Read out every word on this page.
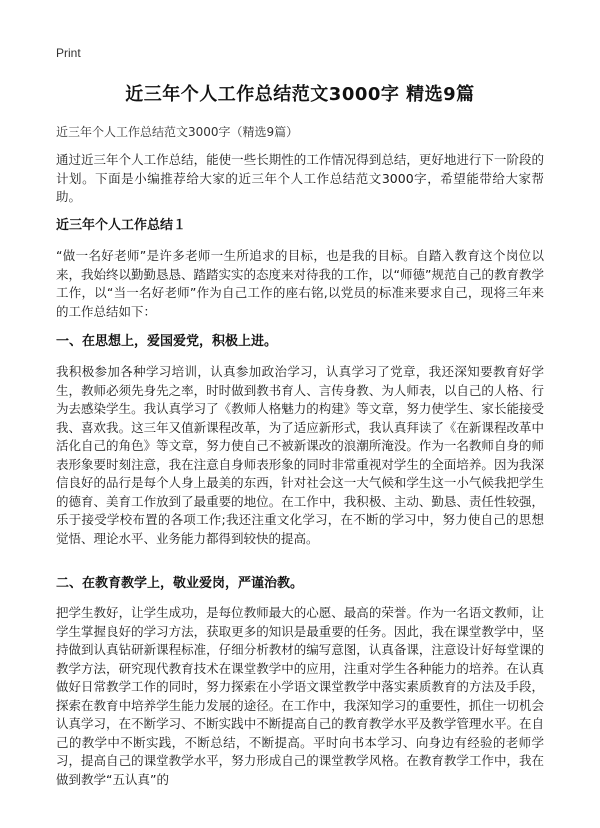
Print
近三年个人工作总结范文3000字 精选9篇
近三年个人工作总结范文3000字（精选9篇）

通过近三年个人工作总结，能使一些长期性的工作情况得到总结，更好地进行下一阶段的计划。下面是小编推荐给大家的近三年个人工作总结范文3000字，希望能带给大家帮助。

近三年个人工作总结１

“做一名好老师”是许多老师一生所追求的目标，也是我的目标。自踏入教育这个岗位以来，我始终以勤勤恳恳、踏踏实实的态度来对待我的工作，以“师德”规范自己的教育教学工作，以“当一名好老师”作为自己工作的座右铭,以党员的标准来要求自己，现将三年来的工作总结如下：

一、在思想上，爱国爱党，积极上进。

我积极参加各种学习培训，认真参加政治学习，认真学习了党章，我还深知要教育好学生，教师必须先身先之率，时时做到教书育人、言传身教、为人师表，以自己的人格、行为去感染学生。我认真学习了《教师人格魅力的构建》等文章，努力使学生、家长能接受我、喜欢我。这三年又值新课程改革，为了适应新形式，我认真拜读了《在新课程改革中活化自己的角色》等文章，努力使自己不被新课改的浪潮所淹没。作为一名教师自身的师表形象要时刻注意，我在注意自身师表形象的同时非常重视对学生的全面培养。因为我深信良好的品行是每个人身上最美的东西，针对社会这一大气候和学生这一小气候我把学生的德育、美育工作放到了最重要的地位。在工作中，我积极、主动、勤恳、责任性较强，乐于接受学校布置的各项工作;我还注重文化学习，在不断的学习中，努力使自己的思想觉悟、理论水平、业务能力都得到较快的提高。

二、在教育教学上，敬业爱岗，严谨治教。

把学生教好，让学生成功，是每位教师最大的心愿、最高的荣誉。作为一名语文教师，让学生掌握良好的学习方法，获取更多的知识是最重要的任务。因此，我在课堂教学中，坚持做到认真钻研新课程标准，仔细分析教材的编写意图，认真备课，注意设计好每堂课的教学方法，研究现代教育技术在课堂教学中的应用，注重对学生各种能力的培养。在认真做好日常教学工作的同时，努力探索在小学语文课堂教学中落实素质教育的方法及手段，探索在教育中培养学生能力发展的途径。在工作中，我深知学习的重要性，抓住一切机会认真学习，在不断学习、不断实践中不断提高自己的教育教学水平及教学管理水平。在自己的教学中不断实践，不断总结，不断提高。平时向书本学习、向身边有经验的老师学习，提高自己的课堂教学水平，努力形成自己的课堂教学风格。在教育教学工作中，我在做到教学“五认真”的
